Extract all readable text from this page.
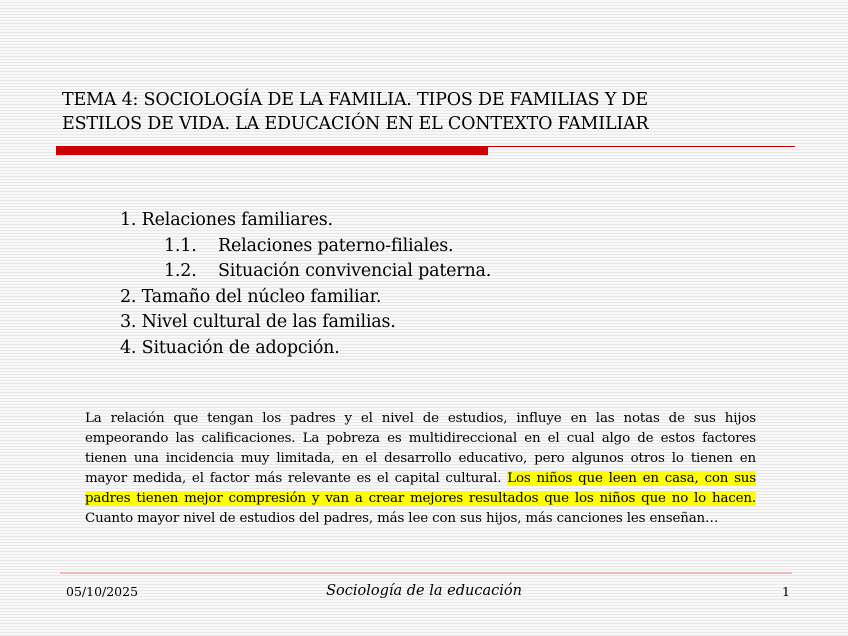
TEMA 4: SOCIOLOGÍA DE LA FAMILIA. TIPOS DE FAMILIAS Y DE
ESTILOS DE VIDA. LA EDUCACIÓN EN EL CONTEXTO FAMILIAR
1. Relaciones familiares.
1.1. Relaciones paterno-filiales.
1.2. Situación convivencial paterna.
2. Tamaño del núcleo familiar.
3. Nivel cultural de las familias.
4. Situación de adopción.

La relación que tengan los padres y el nivel de estudios, influye en las notas de sus hijos empeorando las calificaciones. La pobreza es multidireccional en el cual algo de estos factores tienen una incidencia muy limitada, en el desarrollo educativo, pero algunos otros lo tienen en mayor medida, el factor más relevante es el capital cultural. Los niños que leen en casa, con sus padres tienen mejor compresión y van a crear mejores resultados que los niños que no lo hacen. Cuanto mayor nivel de estudios del padres, más lee con sus hijos, más canciones les enseñan…

05/10/2025	Sociología de la educación	1
